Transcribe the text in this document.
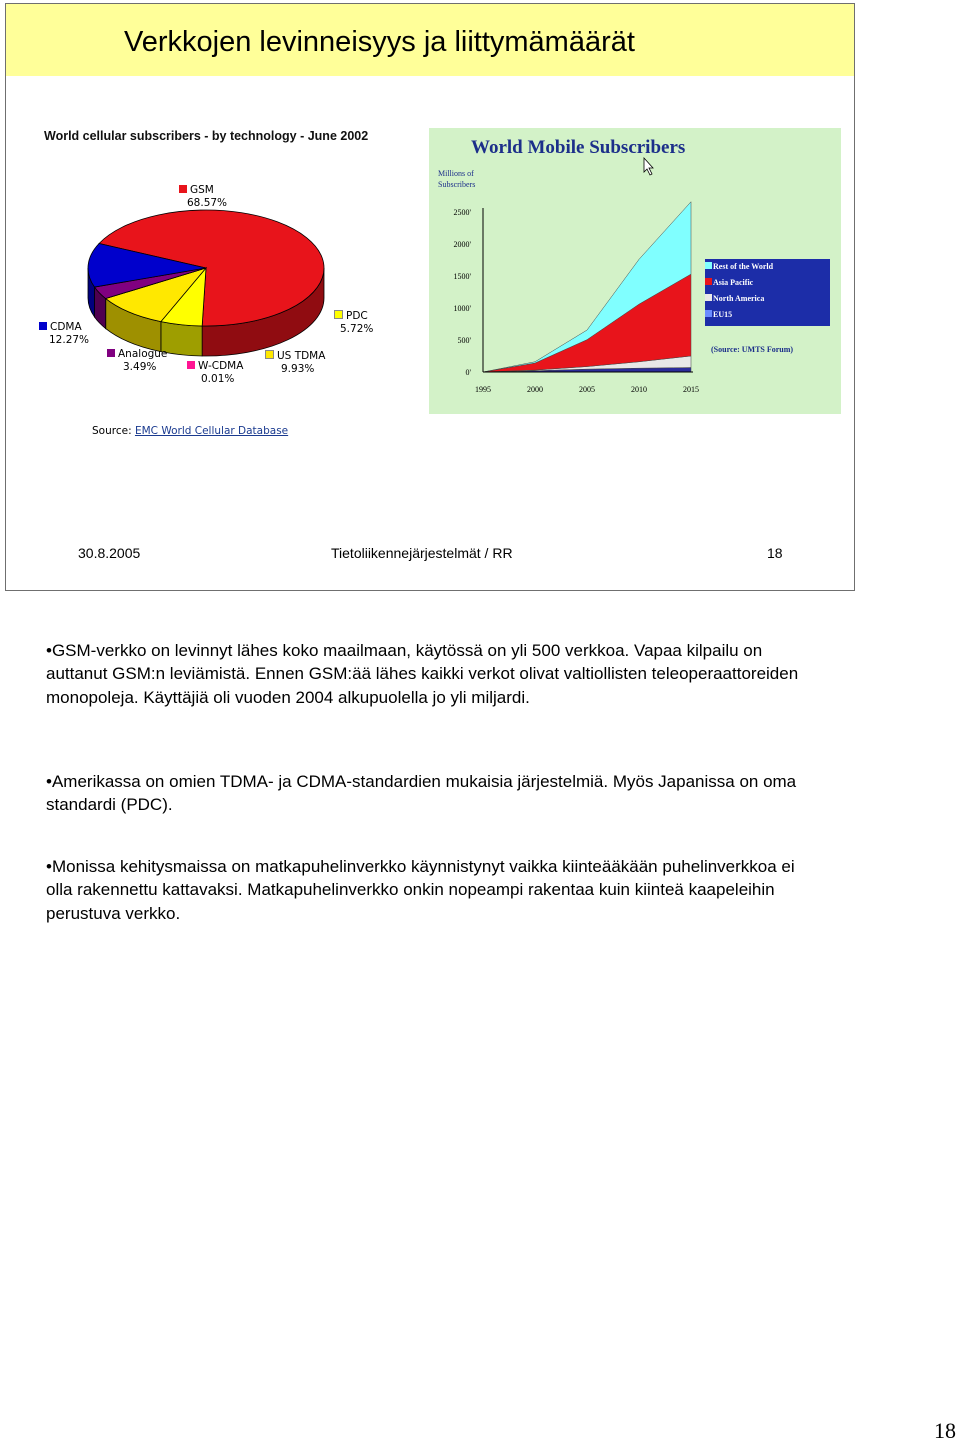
Verkkojen levinneisyys ja liittymämäärät
World cellular subscribers - by technology - June 2002
GSM
68.57%
PDC
5.72%
US TDMA
9.93%
W-CDMA
0.01%
Analogue
3.49%
CDMA
12.27%
Source: EMC World Cellular Database
Millions of Subscribers
0'
500'
1000'
1500'
2000'
2500'
1995	2000	2005	2010	2015
Rest of the World
Asia Pacific
North America
EU15
(Source: UMTS Forum)
World Mobile Subscribers
30.8.2005	Tietoliikennejärjestelmät / RR	18
•GSM-verkko on levinnyt lähes koko maailmaan, käytössä on yli 500 verkkoa. Vapaa kilpailu on auttanut GSM:n leviämistä. Ennen GSM:ää lähes kaikki verkot olivat valtiollisten teleoperaattoreiden monopoleja. Käyttäjiä oli vuoden 2004 alkupuolella jo yli miljardi.
•Amerikassa on omien TDMA- ja CDMA-standardien mukaisia järjestelmiä. Myös Japanissa on oma standardi (PDC).
•Monissa kehitysmaissa on matkapuhelinverkko käynnistynyt vaikka kiinteääkään puhelinverkkoa ei olla rakennettu kattavaksi. Matkapuhelinverkko onkin nopeampi rakentaa kuin kiinteä kaapeleihin perustuva verkko.
18
